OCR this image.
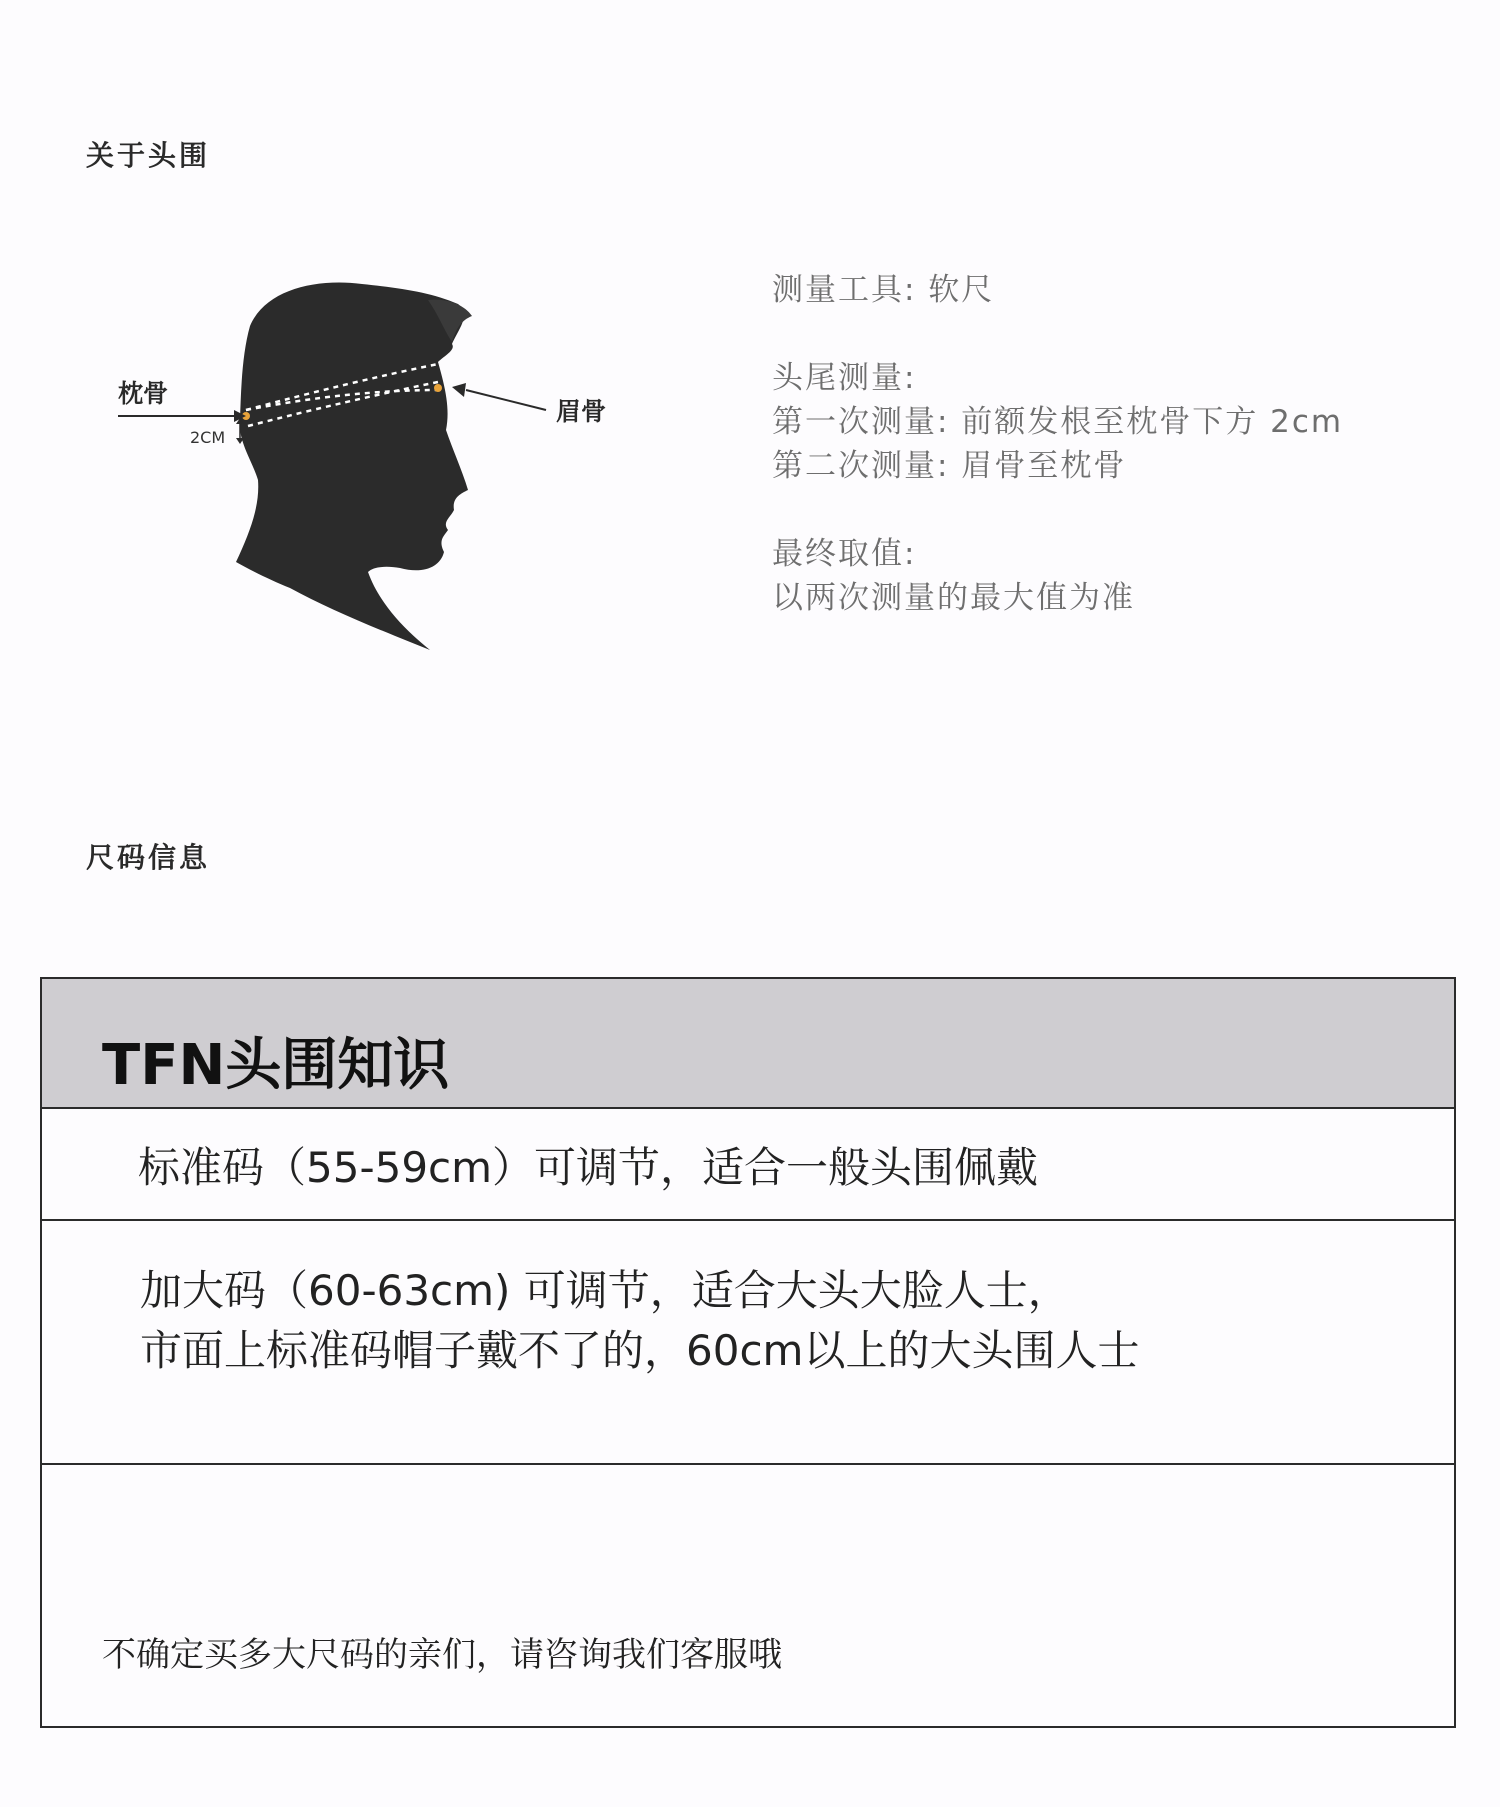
关于头围
枕骨
眉骨
2CM

测量工具: 软尺

头尾测量:

第一次测量: 前额发根至枕骨下方 2cm

第二次测量: 眉骨至枕骨

最终取值:

以两次测量的最大值为准

尺码信息
TFN头围知识
标准码（55-59cm）可调节，适合一般头围佩戴
加大码（60-63cm) 可调节，适合大头大脸人士，
市面上标准码帽子戴不了的，60cm以上的大头围人士
不确定买多大尺码的亲们，请咨询我们客服哦
